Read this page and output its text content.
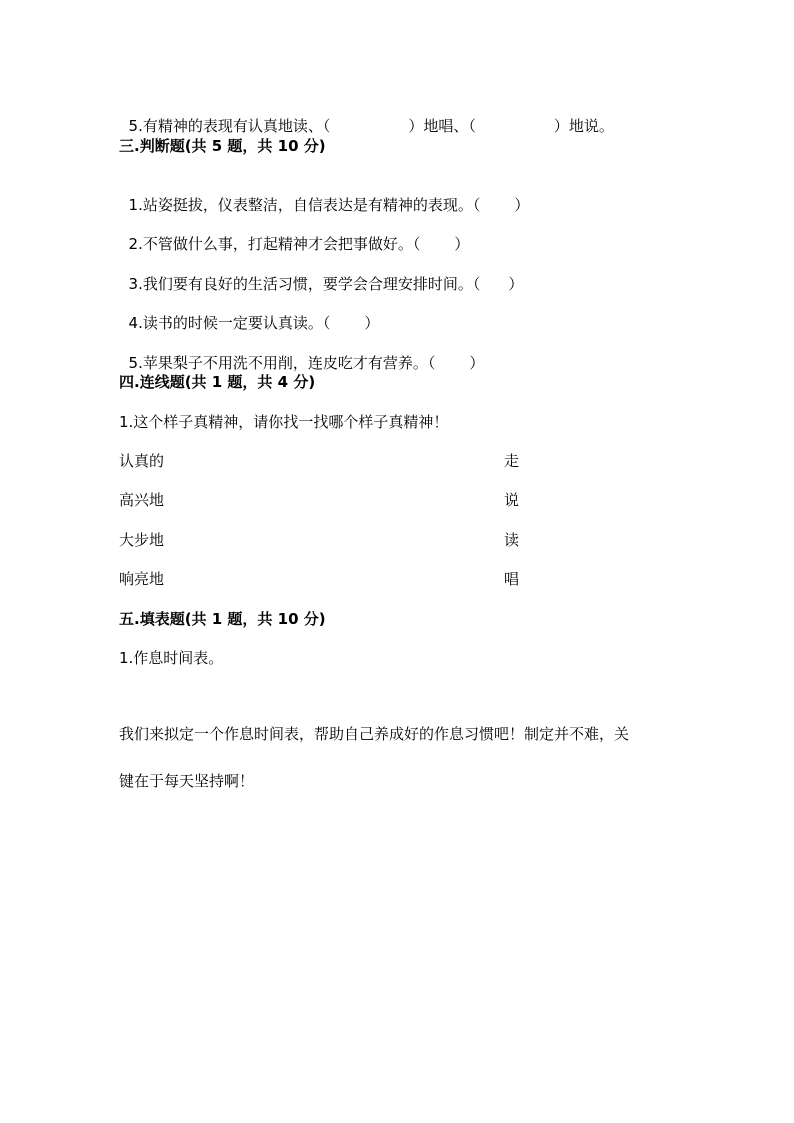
5.有精神的表现有认真地读、（	）地唱、（	）地说。

三.判断题(共 5 题，共 10 分)

1.站姿挺拔，仪表整洁，自信表达是有精神的表现。（ ）

2.不管做什么事，打起精神才会把事做好。（ ）

3.我们要有良好的生活习惯，要学会合理安排时间。（ ）

4.读书的时候一定要认真读。（ ）

5.苹果梨子不用洗不用削，连皮吃才有营养。（ ）

四.连线题(共 1 题，共 4 分)
1.这个样子真精神，请你找一找哪个样子真精神！
认真的	走
高兴地	说
大步地	读
响亮地	唱
五.填表题(共 1 题，共 10 分)
1.作息时间表。
我们来拟定一个作息时间表，帮助自己养成好的作息习惯吧！制定并不难，关
键在于每天坚持啊！
